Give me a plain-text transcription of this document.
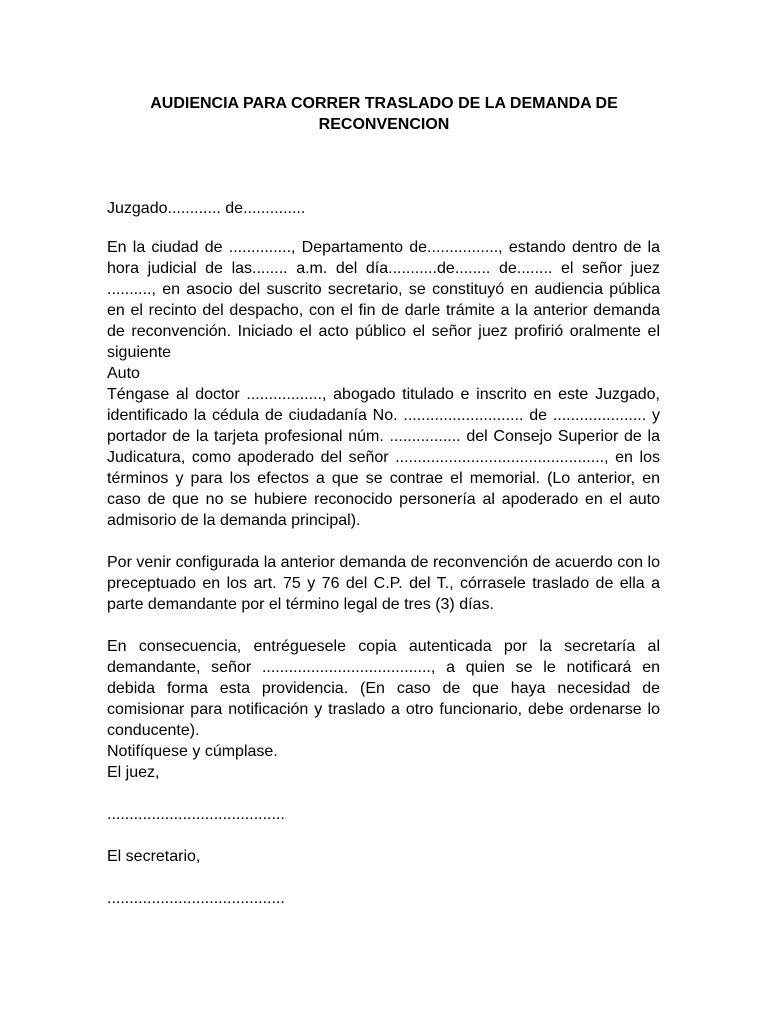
AUDIENCIA PARA CORRER TRASLADO DE LA DEMANDA DE
RECONVENCION

Juzgado............ de..............

En la ciudad de .............., Departamento de................, estando dentro de la hora judicial de las........ a.m. del día...........de........ de........ el señor juez .........., en asocio del suscrito secretario, se constituyó en audiencia pública en el recinto del despacho, con el fin de darle trámite a la anterior demanda de reconvención. Iniciado el acto público el señor juez profirió oralmente el siguiente

Auto

Téngase al doctor ................., abogado titulado e inscrito en este Juzgado, identificado la cédula de ciudadanía No. ........................... de ..................... y portador de la tarjeta profesional núm. ................ del Consejo Superior de la Judicatura, como apoderado del señor ..............................................., en los términos y para los efectos a que se contrae el memorial. (Lo anterior, en caso de que no se hubiere reconocido personería al apoderado en el auto admisorio de la demanda principal).

Por venir configurada la anterior demanda de reconvención de acuerdo con lo preceptuado en los art. 75 y 76 del C.P. del T., córrasele traslado de ella a parte demandante por el término legal de tres (3) días.

En consecuencia, entréguesele copia autenticada por la secretaría al demandante, señor ......................................, a quien se le notificará en debida forma esta providencia. (En caso de que haya necesidad de comisionar para notificación y traslado a otro funcionario, debe ordenarse lo conducente).

Notifíquese y cúmplase.

El juez,

........................................

El secretario,

........................................
